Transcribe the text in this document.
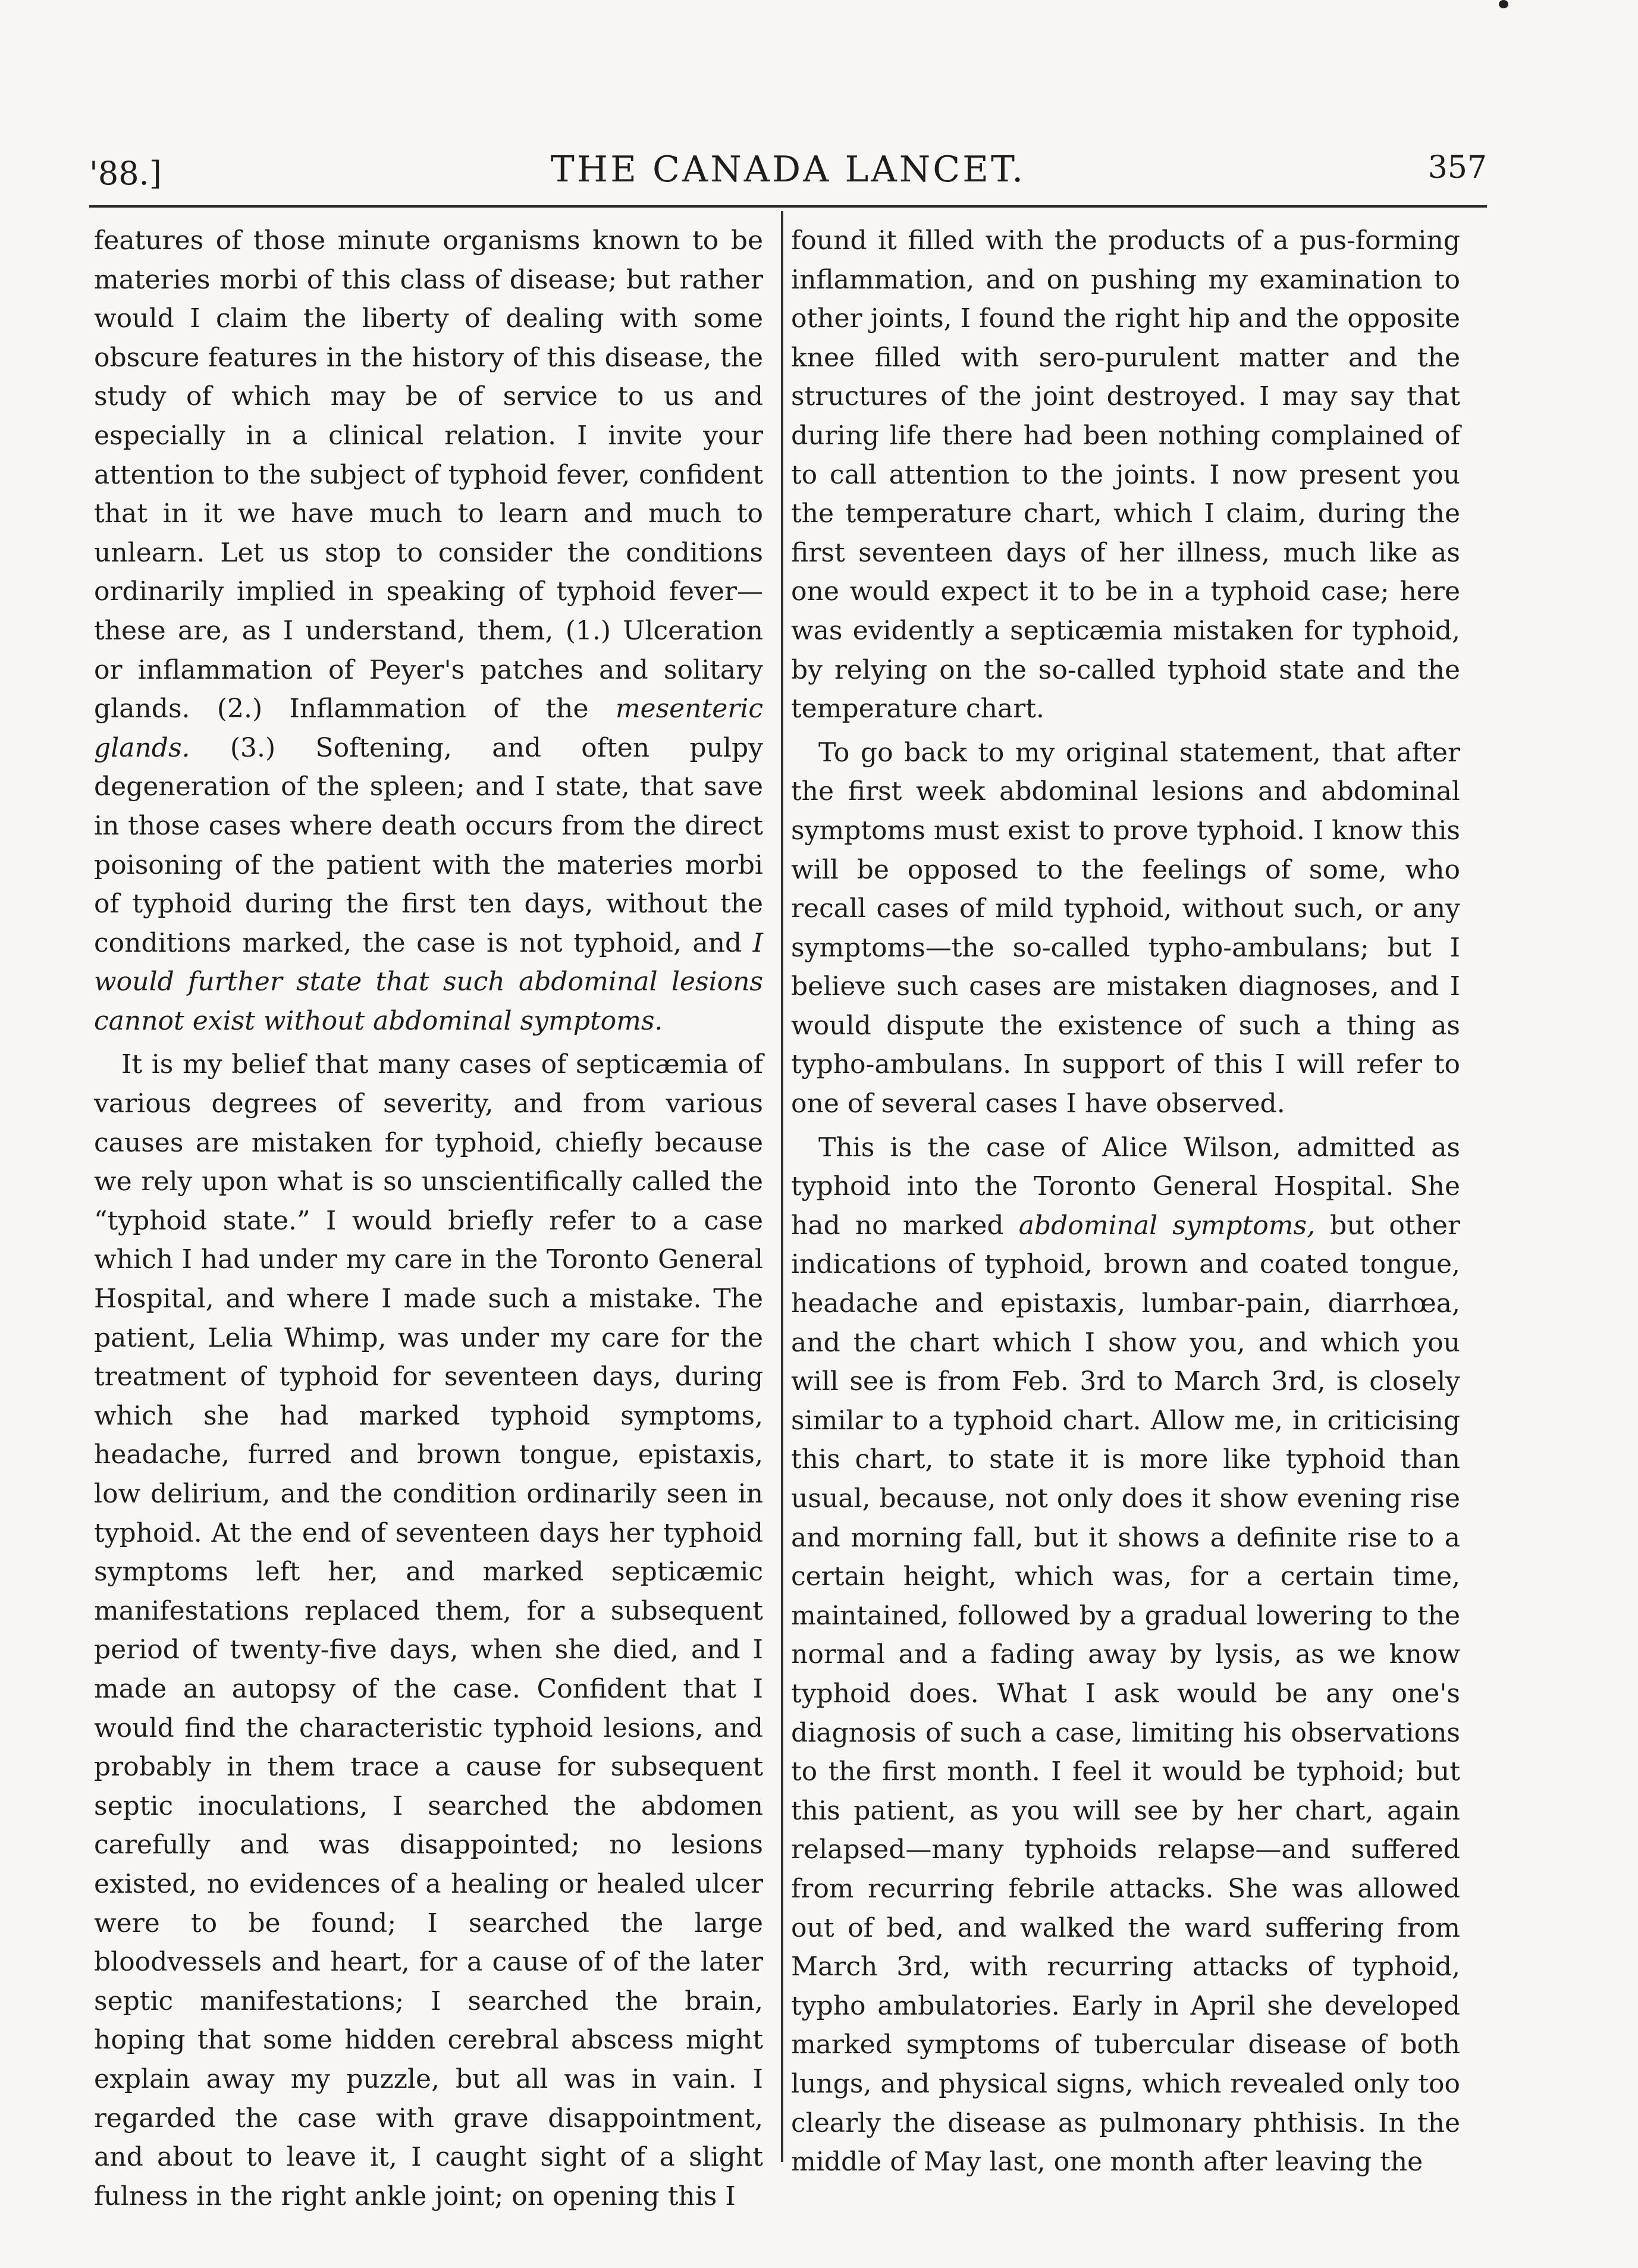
'88.]	THE CANADA LANCET.	357

features of those minute organisms known to be materies morbi of this class of disease; but rather would I claim the liberty of dealing with some obscure features in the history of this disease, the study of which may be of service to us and especially in a clinical relation. I invite your attention to the subject of typhoid fever, confident that in it we have much to learn and much to unlearn. Let us stop to consider the conditions ordinarily implied in speaking of typhoid fever—these are, as I understand, them, (1.) Ulceration or inflammation of Peyer's patches and solitary glands. (2.) Inflammation of the mesenteric glands. (3.) Softening, and often pulpy degeneration of the spleen; and I state, that save in those cases where death occurs from the direct poisoning of the patient with the materies morbi of typhoid during the first ten days, without the conditions marked, the case is not typhoid, and I would further state that such abdominal lesions cannot exist without abdominal symptoms.

It is my belief that many cases of septicæmia of various degrees of severity, and from various causes are mistaken for typhoid, chiefly because we rely upon what is so unscientifically called the “typhoid state.” I would briefly refer to a case which I had under my care in the Toronto General Hospital, and where I made such a mistake. The patient, Lelia Whimp, was under my care for the treatment of typhoid for seventeen days, during which she had marked typhoid symptoms, headache, furred and brown tongue, epistaxis, low delirium, and the condition ordinarily seen in typhoid. At the end of seventeen days her typhoid symptoms left her, and marked septicæmic manifestations replaced them, for a subsequent period of twenty-five days, when she died, and I made an autopsy of the case. Confident that I would find the characteristic typhoid lesions, and probably in them trace a cause for subsequent septic inoculations, I searched the abdomen carefully and was disappointed; no lesions existed, no evidences of a healing or healed ulcer were to be found; I searched the large bloodvessels and heart, for a cause of of the later septic manifestations; I searched the brain, hoping that some hidden cerebral abscess might explain away my puzzle, but all was in vain. I regarded the case with grave disappointment, and about to leave it, I caught sight of a slight fulness in the right ankle joint; on opening this I

found it filled with the products of a pus-forming inflammation, and on pushing my examination to other joints, I found the right hip and the opposite knee filled with sero-purulent matter and the structures of the joint destroyed. I may say that during life there had been nothing complained of to call attention to the joints. I now present you the temperature chart, which I claim, during the first seventeen days of her illness, much like as one would expect it to be in a typhoid case; here was evidently a septicæmia mistaken for typhoid, by relying on the so-called typhoid state and the temperature chart.

To go back to my original statement, that after the first week abdominal lesions and abdominal symptoms must exist to prove typhoid. I know this will be opposed to the feelings of some, who recall cases of mild typhoid, without such, or any symptoms—the so-called typho-ambulans; but I believe such cases are mistaken diagnoses, and I would dispute the existence of such a thing as typho-ambulans. In support of this I will refer to one of several cases I have observed.

This is the case of Alice Wilson, admitted as typhoid into the Toronto General Hospital. She had no marked abdominal symptoms, but other indications of typhoid, brown and coated tongue, headache and epistaxis, lumbar-pain, diarrhœa, and the chart which I show you, and which you will see is from Feb. 3rd to March 3rd, is closely similar to a typhoid chart. Allow me, in criticising this chart, to state it is more like typhoid than usual, because, not only does it show evening rise and morning fall, but it shows a definite rise to a certain height, which was, for a certain time, maintained, followed by a gradual lowering to the normal and a fading away by lysis, as we know typhoid does. What I ask would be any one's diagnosis of such a case, limiting his observations to the first month. I feel it would be typhoid; but this patient, as you will see by her chart, again relapsed—many typhoids relapse—and suffered from recurring febrile attacks. She was allowed out of bed, and walked the ward suffering from March 3rd, with recurring attacks of typhoid, typho ambulatories. Early in April she developed marked symptoms of tubercular disease of both lungs, and physical signs, which revealed only too clearly the disease as pulmonary phthisis. In the middle of May last, one month after leaving the
